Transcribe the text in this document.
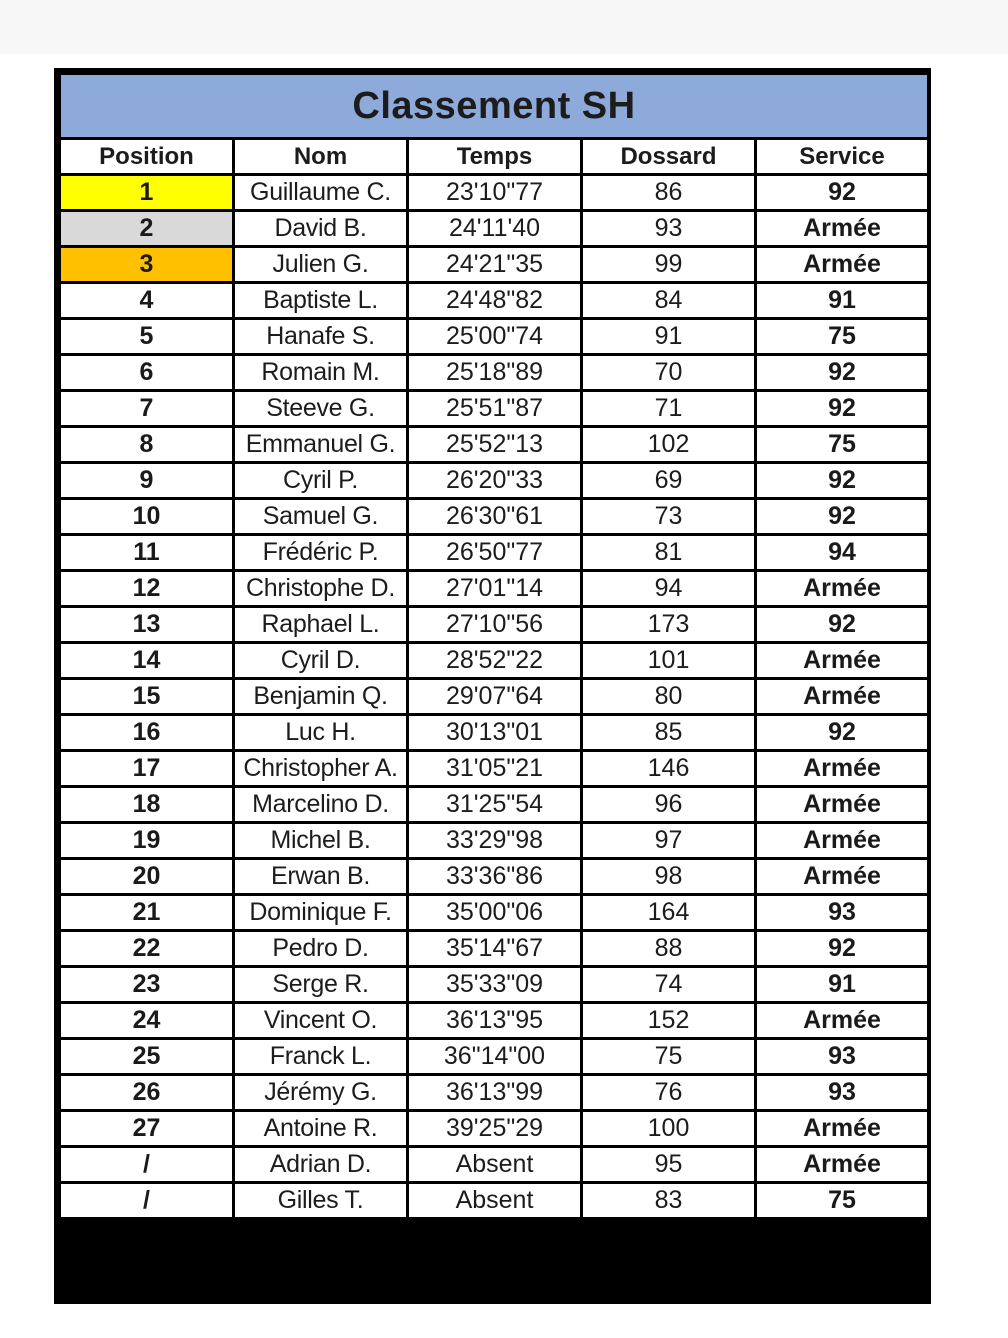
Classement SH				
Position	Nom	Temps	Dossard	Service
1	Guillaume C.	23'10"77	86	92
2	David B.	24'11'40	93	Armée
3	Julien G.	24'21"35	99	Armée
4	Baptiste L.	24'48"82	84	91
5	Hanafe S.	25'00"74	91	75
6	Romain M.	25'18"89	70	92
7	Steeve G.	25'51"87	71	92
8	Emmanuel G.	25'52"13	102	75
9	Cyril P.	26'20"33	69	92
10	Samuel G.	26'30"61	73	92
11	Frédéric P.	26'50"77	81	94
12	Christophe D.	27'01"14	94	Armée
13	Raphael L.	27'10"56	173	92
14	Cyril D.	28'52"22	101	Armée
15	Benjamin Q.	29'07"64	80	Armée
16	Luc H.	30'13"01	85	92
17	Christopher A.	31'05"21	146	Armée
18	Marcelino D.	31'25"54	96	Armée
19	Michel B.	33'29"98	97	Armée
20	Erwan B.	33'36"86	98	Armée
21	Dominique F.	35'00"06	164	93
22	Pedro D.	35'14"67	88	92
23	Serge R.	35'33"09	74	91
24	Vincent O.	36'13"95	152	Armée
25	Franck L.	36"14"00	75	93
26	Jérémy G.	36'13"99	76	93
27	Antoine R.	39'25"29	100	Armée
/	Adrian D.	Absent	95	Armée
/	Gilles T.	Absent	83	75
